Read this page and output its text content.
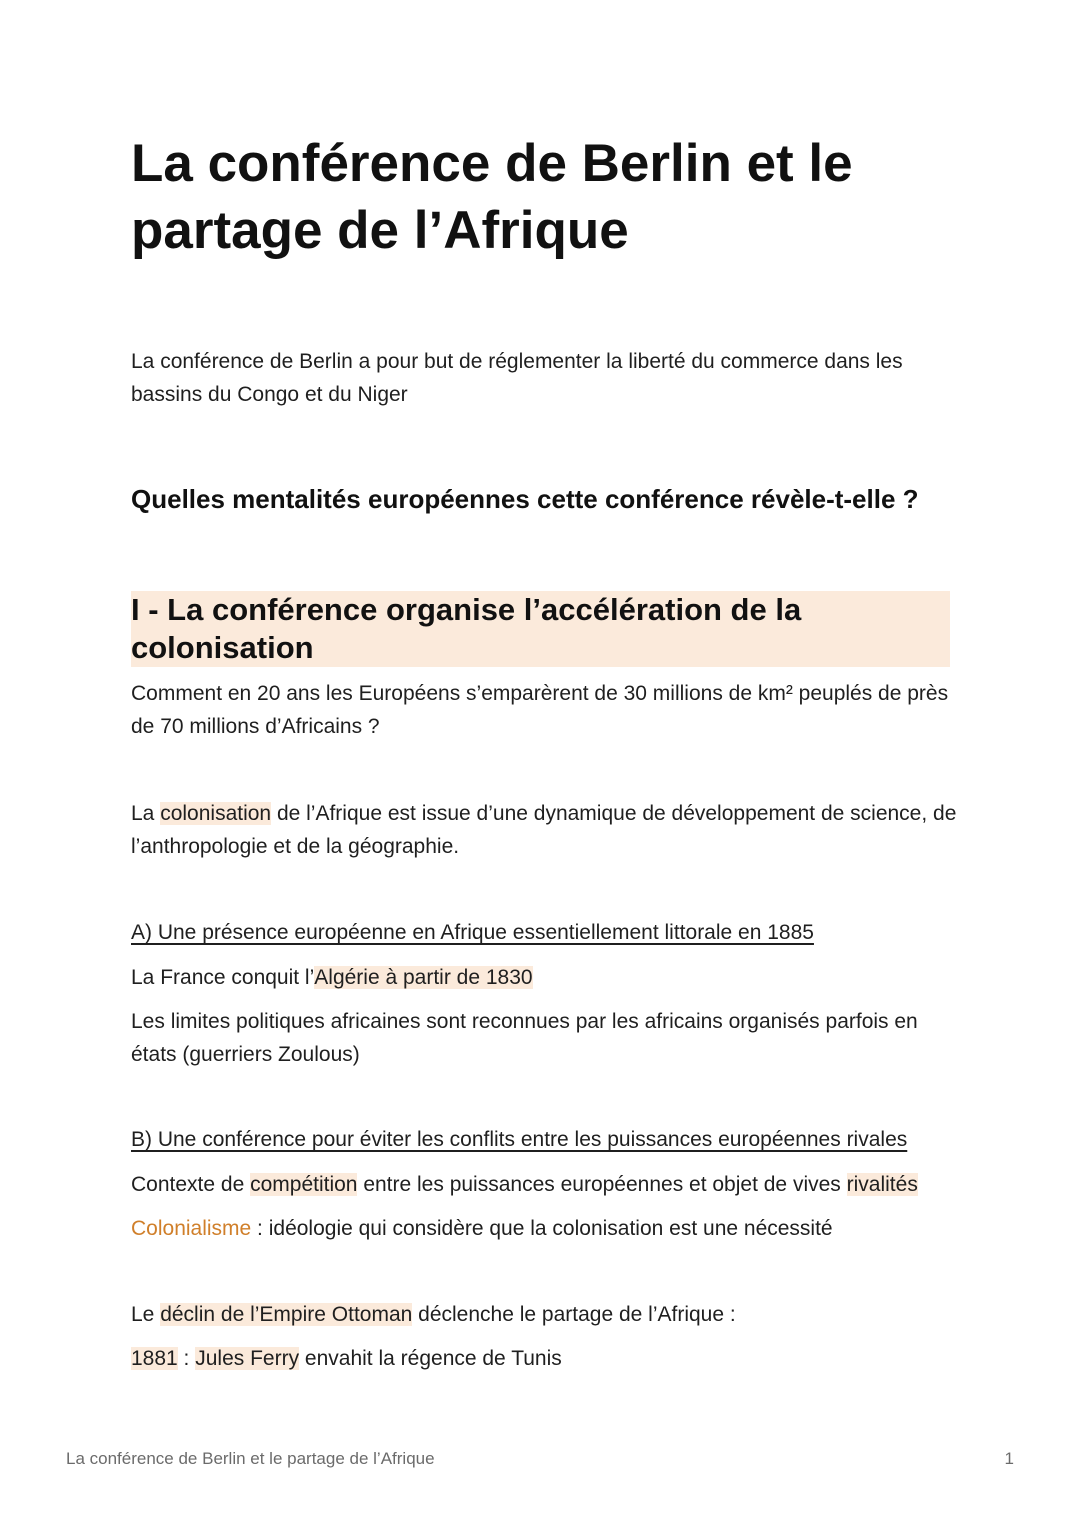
La conférence de Berlin et le partage de l’Afrique

La conférence de Berlin a pour but de réglementer la liberté du commerce dans les bassins du Congo et du Niger

Quelles mentalités européennes cette conférence révèle-t-elle ?
I - La conférence organise l’accélération de la colonisation

Comment en 20 ans les Européens s’emparèrent de 30 millions de km² peuplés de près de 70 millions d’Africains ?

La colonisation de l’Afrique est issue d’une dynamique de développement de science, de l’anthropologie et de la géographie.

A) Une présence européenne en Afrique essentiellement littorale en 1885

La France conquit l’Algérie à partir de 1830

Les limites politiques africaines sont reconnues par les africains organisés parfois en états (guerriers Zoulous)

B) Une conférence pour éviter les conflits entre les puissances européennes rivales

Contexte de compétition entre les puissances européennes et objet de vives rivalités

Colonialisme : idéologie qui considère que la colonisation est une nécessité

Le déclin de l’Empire Ottoman déclenche le partage de l’Afrique :

1881 : Jules Ferry envahit la régence de Tunis

La conférence de Berlin et le partage de l’Afrique	1
